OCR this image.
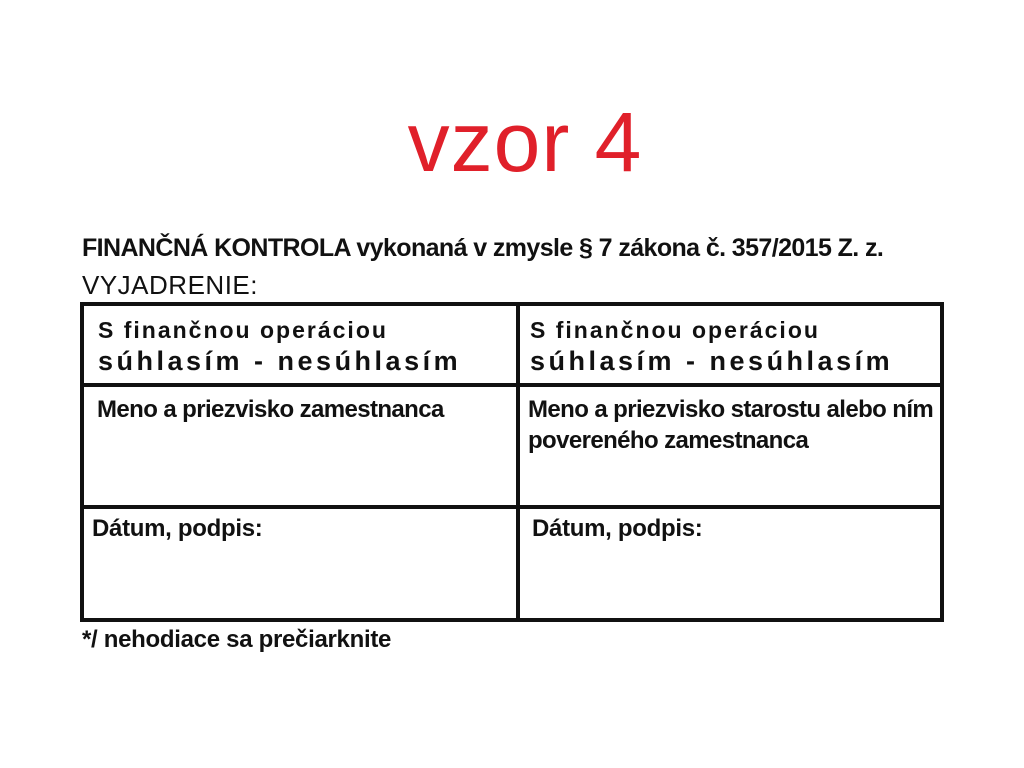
vzor 4
FINANČNÁ KONTROLA vykonaná v zmysle § 7 zákona č. 357/2015 Z. z.
VYJADRENIE:
S finančnou operáciou
súhlasím - nesúhlasím
Meno a priezvisko zamestnanca
Dátum, podpis:
S finančnou operáciou
súhlasím - nesúhlasím
Meno a priezvisko starostu alebo ním povereného zamestnanca
Dátum, podpis:
*/ nehodiace sa prečiarknite
